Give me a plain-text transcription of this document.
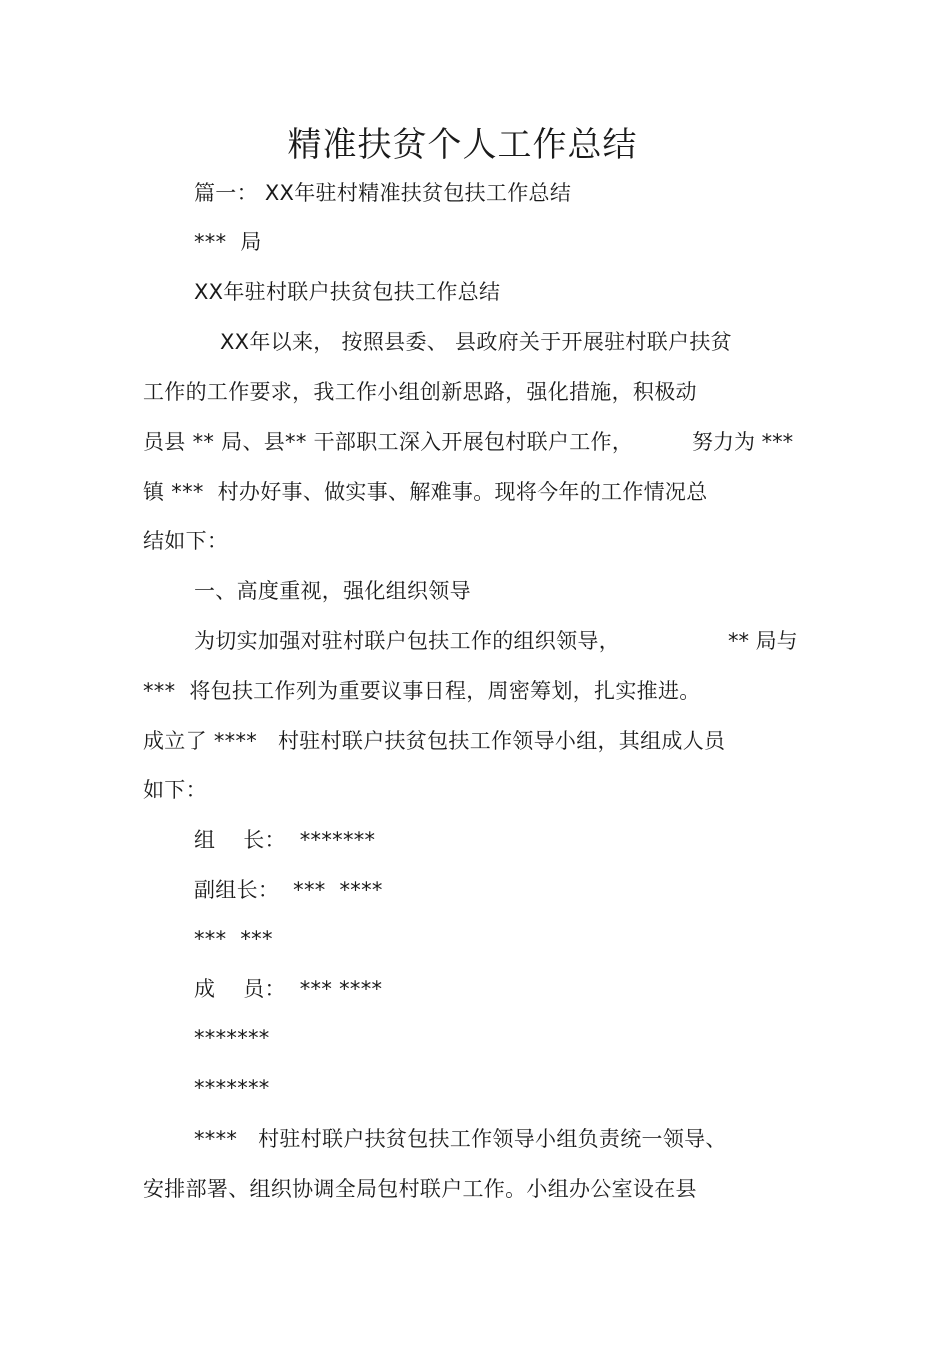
精准扶贫个人工作总结
篇一： XX年驻村精准扶贫包扶工作总结
***  局
XX年驻村联户扶贫包扶工作总结
XX年以来， 按照县委、 县政府关于开展驻村联户扶贫
工作的工作要求，我工作小组创新思路，强化措施，积极动
员县 ** 局、县** 干部职工深入开展包村联户工作，	努力为 ***
镇 ***  村办好事、做实事、解难事。现将今年的工作情况总
结如下：
一、高度重视，强化组织领导
为切实加强对驻村联户包扶工作的组织领导，	** 局与
***  将包扶工作列为重要议事日程，周密筹划，扎实推进。
成立了 ****   村驻村联户扶贫包扶工作领导小组，其组成人员
如下：
组    长：  *******
副组长：  ***  ****
***  ***
成    员：  *** ****
*******
*******
****   村驻村联户扶贫包扶工作领导小组负责统一领导、
安排部署、组织协调全局包村联户工作。小组办公室设在县
